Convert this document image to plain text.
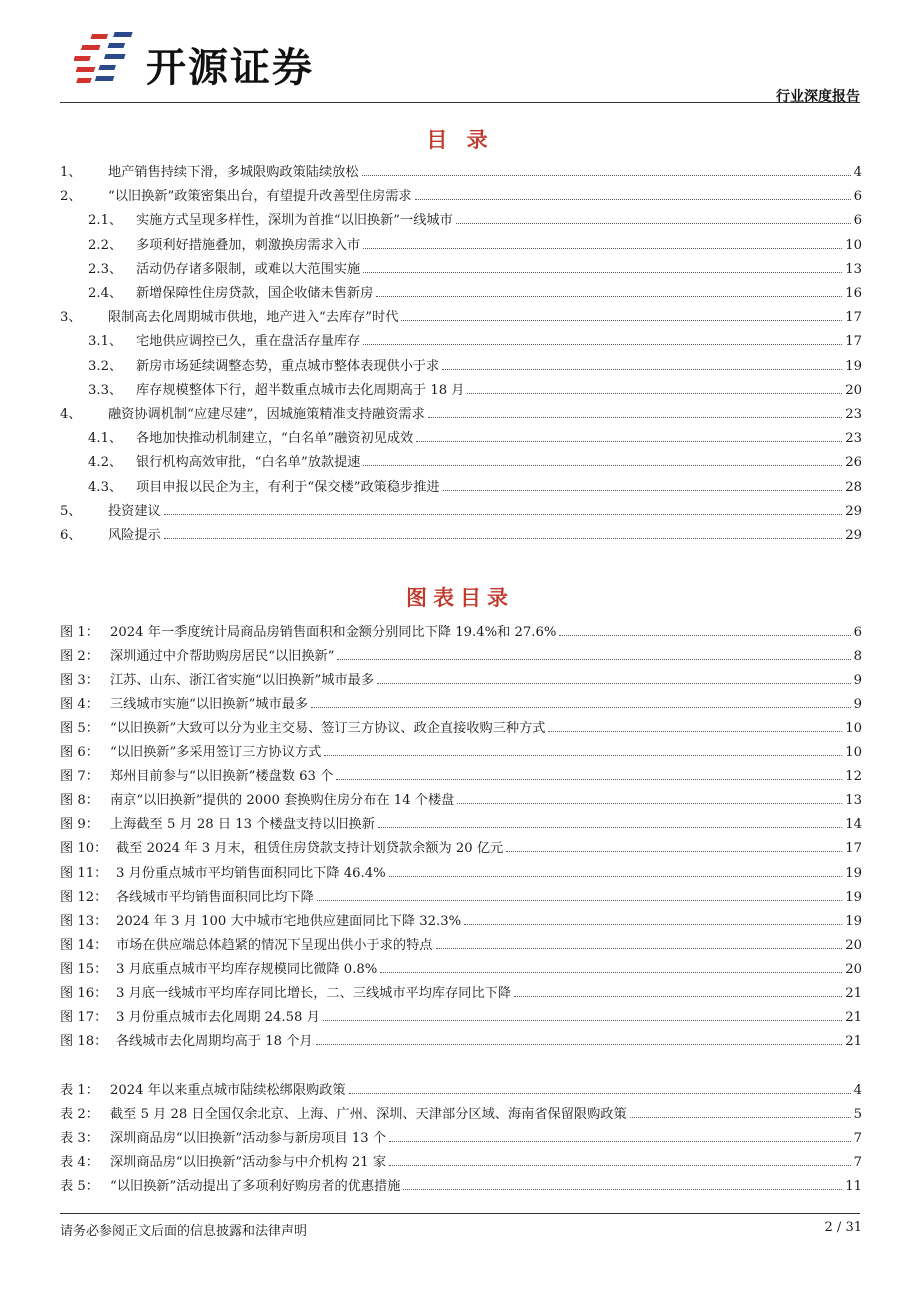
开源证券
行业深度报告
目 录
1、	地产销售持续下滑，多城限购政策陆续放松	4
2、	“以旧换新”政策密集出台，有望提升改善型住房需求	6
2.1、	实施方式呈现多样性，深圳为首推“以旧换新”一线城市	6
2.2、	多项利好措施叠加，刺激换房需求入市	10
2.3、	活动仍存诸多限制，或难以大范围实施	13
2.4、	新增保障性住房贷款，国企收储未售新房	16
3、	限制高去化周期城市供地，地产进入“去库存”时代	17
3.1、	宅地供应调控已久，重在盘活存量库存	17
3.2、	新房市场延续调整态势，重点城市整体表现供小于求	19
3.3、	库存规模整体下行，超半数重点城市去化周期高于 18 月	20
4、	融资协调机制“应建尽建”，因城施策精准支持融资需求	23
4.1、	各地加快推动机制建立，“白名单”融资初见成效	23
4.2、	银行机构高效审批，“白名单”放款提速	26
4.3、	项目申报以民企为主，有利于“保交楼”政策稳步推进	28
5、	投资建议	29
6、	风险提示	29
图表目录
图 1： 2024 年一季度统计局商品房销售面积和金额分别同比下降 19.4%和 27.6%	6
图 2： 深圳通过中介帮助购房居民“以旧换新”	8
图 3： 江苏、山东、浙江省实施“以旧换新”城市最多	9
图 4： 三线城市实施“以旧换新”城市最多	9
图 5： “以旧换新”大致可以分为业主交易、签订三方协议、政企直接收购三种方式	10
图 6： “以旧换新”多采用签订三方协议方式	10
图 7： 郑州目前参与“以旧换新”楼盘数 63 个	12
图 8： 南京“以旧换新”提供的 2000 套换购住房分布在 14 个楼盘	13
图 9： 上海截至 5 月 28 日 13 个楼盘支持以旧换新	14
图 10： 截至 2024 年 3 月末，租赁住房贷款支持计划贷款余额为 20 亿元	17
图 11： 3 月份重点城市平均销售面积同比下降 46.4%	19
图 12： 各线城市平均销售面积同比均下降	19
图 13： 2024 年 3 月 100 大中城市宅地供应建面同比下降 32.3%	19
图 14： 市场在供应端总体趋紧的情况下呈现出供小于求的特点	20
图 15： 3 月底重点城市平均库存规模同比微降 0.8%	20
图 16： 3 月底一线城市平均库存同比增长，二、三线城市平均库存同比下降	21
图 17： 3 月份重点城市去化周期 24.58 月	21
图 18： 各线城市去化周期均高于 18 个月	21
表 1： 2024 年以来重点城市陆续松绑限购政策	4
表 2： 截至 5 月 28 日全国仅余北京、上海、广州、深圳、天津部分区域、海南省保留限购政策	5
表 3： 深圳商品房“以旧换新”活动参与新房项目 13 个	7
表 4： 深圳商品房“以旧换新”活动参与中介机构 21 家	7
表 5： “以旧换新”活动提出了多项利好购房者的优惠措施	11
请务必参阅正文后面的信息披露和法律声明	2 / 31
